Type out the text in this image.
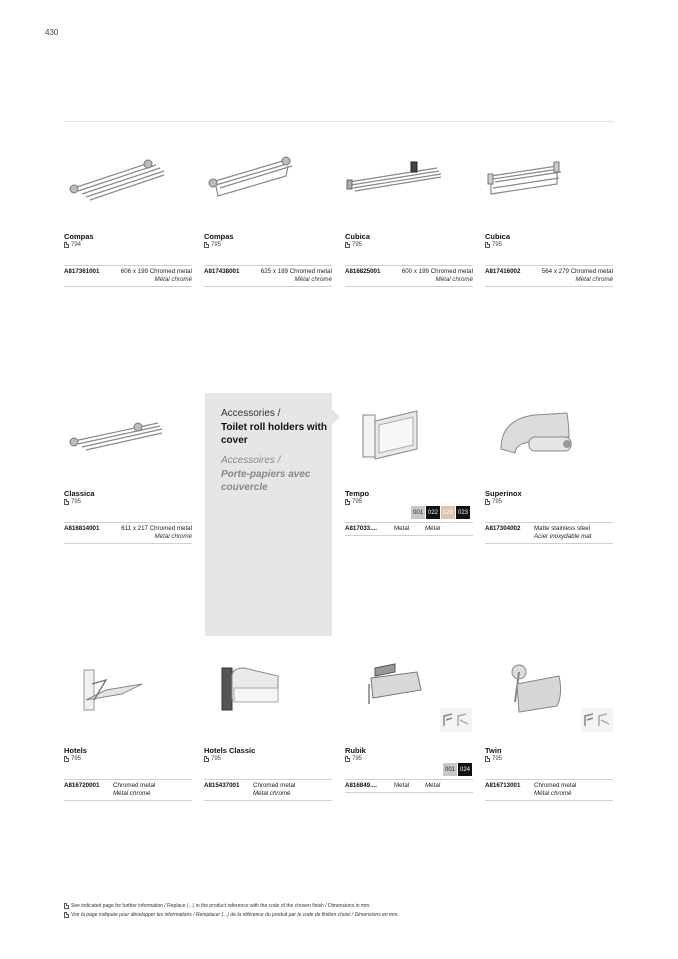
430
Compas
794
A817361001	606 x 199 Chromed metal
Métal chromé
Compas
795
A817438001	625 x 189 Chromed metal
Métal chromé
Cubica
795
A816825001	600 x 199 Chromed metal
Métal chromé
Cubica
795
A817416002	564 x 279 Chromed metal
Métal chromé
Classica
795
A816814001	611 x 217 Chromed metal
Métal chromé
Accessories /
Toilet roll holders with cover
Accessoires /
Porte-papiers avec couvercle
Tempo
795
001 022 020 023
A817033....	Metal	Métal
Superinox
795
A817304002 Matte stainless steel
Acier inoxydable mat
Hotels
795
A816720001 Chromed metal
Métal chromé
Hotels Classic
795
A815437001 Chromed metal
Métal chromé
Rubik
795
001 024
A816849....	Metal	Métal
Twin
795
A816713001 Chromed metal
Métal chromé
See indicated page for further information / Replace (...) in the product reference with the code of the chosen finish / Dimensions in mm.
Voir la page indiquée pour développer les informations / Remplacer (...) de la référence du produit par le code de finition choisi / Dimensions en mm.
